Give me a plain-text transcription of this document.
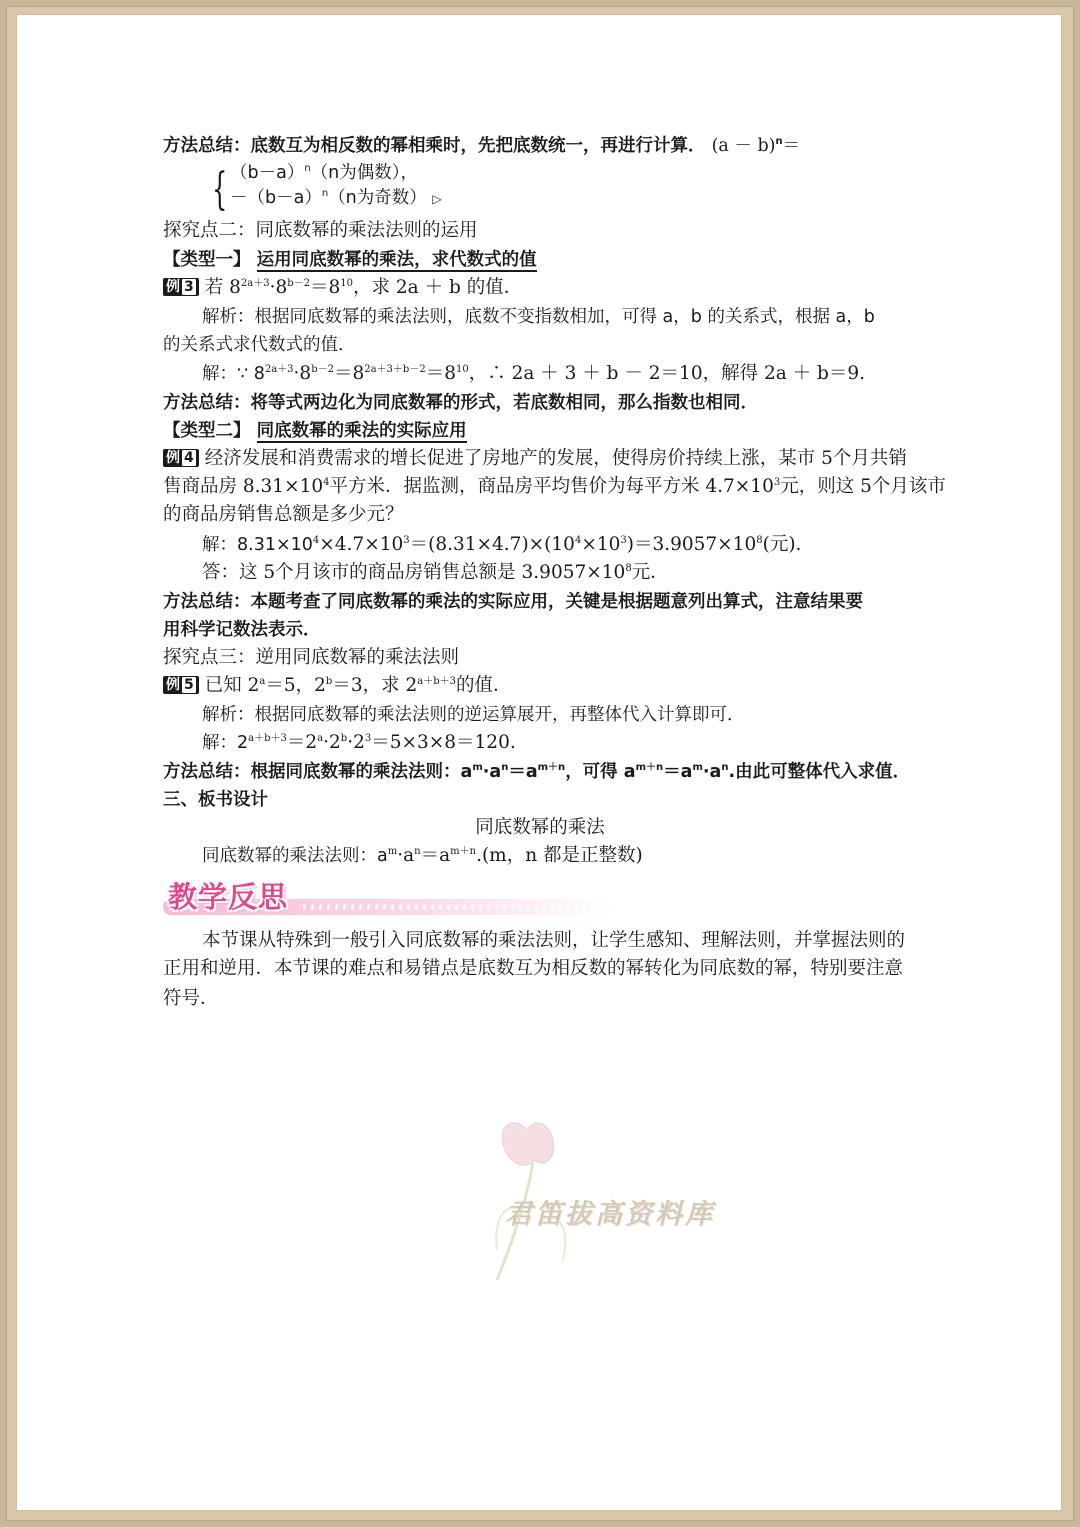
方法总结：底数互为相反数的幂相乘时，先把底数统一，再进行计算． $(a - b)^n=$
{ $(b-a)^n(n$为偶数），
$-(b-a)^n(n$为奇数） ▷
探究点二：同底数幂的乘法法则的运用
【类型一】 运用同底数幂的乘法，求代数式的值
例 3 若 $8^{2a+3}\cdot 8^{b-2}=8^{10}$，求 2a ＋ b 的值．
解析：根据同底数幂的乘法法则，底数不变指数相加，可得 a，b 的关系式，根据 a，b
的关系式求代数式的值．
解：∵ $8^{2a+3}\cdot 8^{b-2}=8^{2a+3+b-2}=8^{10}$，∴ 2a ＋ 3 ＋ b － 2＝10，解得 2a ＋ b＝9.
方法总结：将等式两边化为同底数幂的形式，若底数相同，那么指数也相同．
【类型二】 同底数幂的乘法的实际应用
例 4 经济发展和消费需求的增长促进了房地产的发展，使得房价持续上涨，某市 5个月共销
售商品房 $8.31\times 10^4$平方米．据监测，商品房平均售价为每平方米 $4.7\times 10^3$元，则这 5个月该市
的商品房销售总额是多少元？
解：$8.31\times 10^4\times 4.7\times 10^3=(8.31\times 4.7)\times(10^4\times 10^3)=3.9057\times 10^8$(元).
答：这 5个月该市的商品房销售总额是 $3.9057\times 10^8$元．
方法总结：本题考查了同底数幂的乘法的实际应用，关键是根据题意列出算式，注意结果要
用科学记数法表示．
探究点三：逆用同底数幂的乘法法则
例 5 已知 $2^a=5$，$2^b=3$，求 $2^{a+b+3}$的值．
解析：根据同底数幂的乘法法则的逆运算展开，再整体代入计算即可．
解：$2^{a+b+3}=2^a\cdot 2^b\cdot 2^3=5\times 3\times 8=120$.
方法总结：根据同底数幂的乘法法则：$a^m\cdot a^n=a^{m+n}$，可得 $a^{m+n}=a^m\cdot a^n$.由此可整体代入求值．
三、板书设计
同底数幂的乘法
同底数幂的乘法法则：$a^m\cdot a^n=a^{m+n}.(m$，n 都是正整数)
教学反思
本节课从特殊到一般引入同底数幂的乘法法则，让学生感知、理解法则，并掌握法则的
正用和逆用．本节课的难点和易错点是底数互为相反数的幂转化为同底数的幂，特别要注意
符号．
君笛拔高资料库
